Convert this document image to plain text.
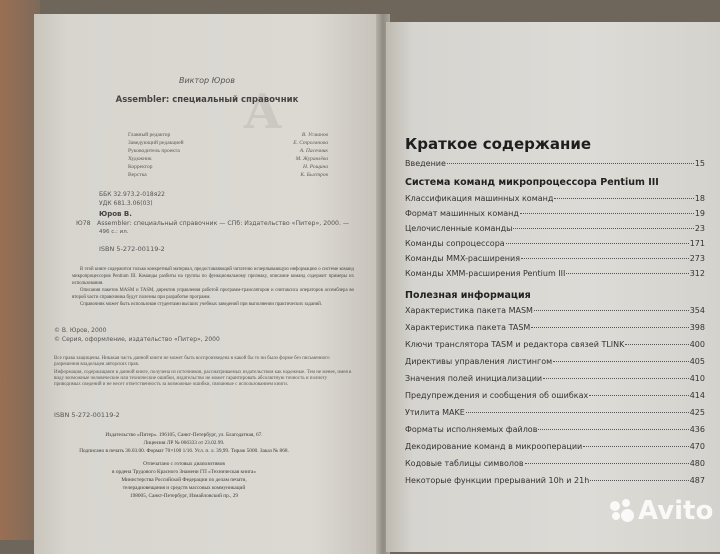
A
Виктор Юров
Assembler: специальный справочник
Главный редактор	В. Усманов
Заведующий редакцией	Е. Строганова
Руководитель проекта	А. Пасечник
Художник	М. Журавлёва
Корректор	Н. Рощина
Верстка	К. Быстров
ББК 32.973.2-018я22
УДК 681.3.06(03)
Юров В.
Ю78 Assembler: специальный справочник — СПб: Издательство «Питер», 2000. —
496 с.: ил.
ISBN 5-272-00119-2

В этой книге содержится только конкретный материал, предоставляющий читателю исчерпывающую информацию о системе команд микропроцессоров Pentium III. Команды разбиты на группы по функциональному признаку, описание команд содержит примеры их использования.

Описания пакетов MASM и TASM, директив управления работой программ-трансляторов и синтаксиса операторов ассемблера во второй части справочника будут полезны при разработке программ.

Справочник может быть использован студентами высших учебных заведений при выполнении практических заданий.

© В. Юров, 2000
© Серия, оформление, издательство «Питер», 2000
Все права защищены. Никакая часть данной книги не может быть воспроизведена в какой бы то ни было форме без письменного разрешения владельцев авторских прав.
Информация, содержащаяся в данной книге, получена из источников, рассматриваемых издательством как надежные. Тем не менее, имея в виду возможные человеческие или технические ошибки, издательство не может гарантировать абсолютную точность и полноту приводимых сведений и не несет ответственность за возможные ошибки, связанные с использованием книги.
ISBN 5-272-00119-2
Издательство «Питер». 196105, Санкт-Петербург, ул. Благодатная, 67.
Лицензия ЛР № 066333 от 23.02.99.
Подписано в печать 30.03.00. Формат 70×100 1/16. Усл. п. л. 39,99. Тираж 5000. Заказ № 868.
Отпечатано с готовых диапозитивов
в ордена Трудового Красного Знамени ГП «Техническая книга»
Министерства Российской Федерации по делам печати,
телерадиовещания и средств массовых коммуникаций
198005, Санкт-Петербург, Измайловский пр., 29
Краткое содержание
Введение	15
Система команд микропроцессора Pentium III
Классификация машинных команд	18
Формат машинных команд	19
Целочисленные команды	23
Команды сопроцессора	171
Команды MMX-расширения	273
Команды XMM-расширения Pentium III	312
Полезная информация
Характеристика пакета MASM	354
Характеристика пакета TASM	398
Ключи транслятора TASM и редактора связей TLINK	400
Директивы управления листингом	405
Значения полей инициализации	410
Предупреждения и сообщения об ошибках	414
Утилита MAKE	425
Форматы исполняемых файлов	436
Декодирование команд в микрооперации	470
Кодовые таблицы символов	480
Некоторые функции прерываний 10h и 21h	487
Avito
